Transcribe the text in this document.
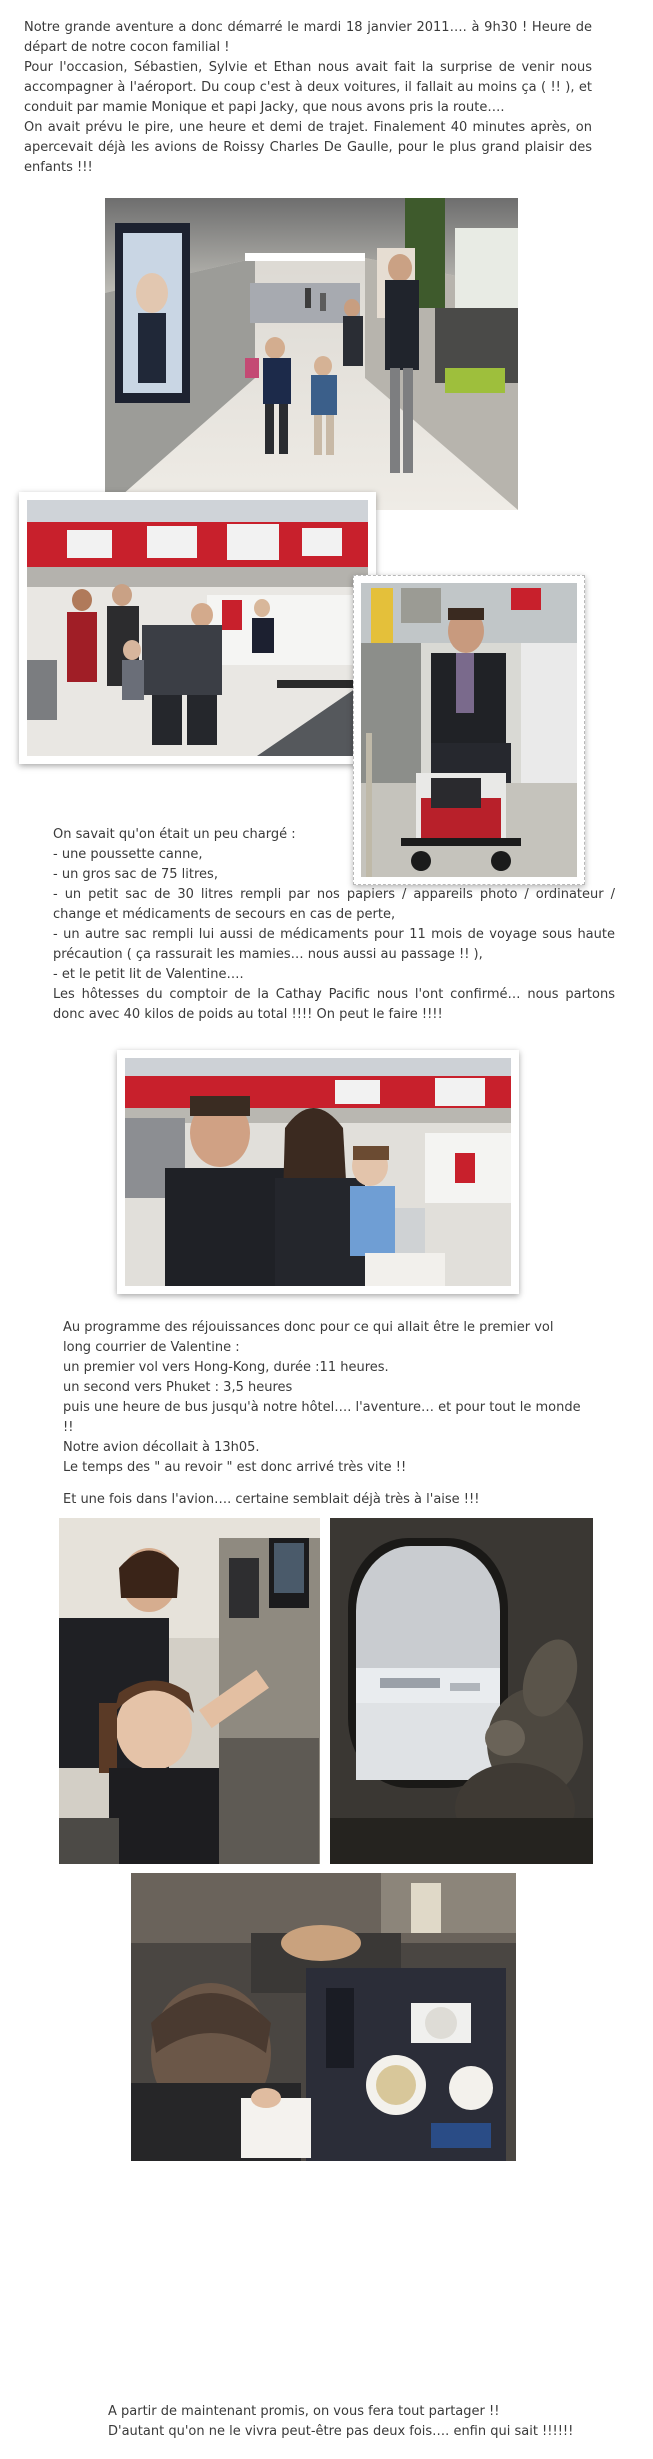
Notre grande aventure a donc démarré le mardi 18 janvier 2011…. à 9h30 ! Heure de départ de notre cocon familial !

Pour l'occasion, Sébastien, Sylvie et Ethan nous avait fait la surprise de venir nous accompagner à l'aéroport. Du coup c'est à deux voitures, il fallait au moins ça ( !! ), et conduit par mamie Monique et papi Jacky, que nous avons pris la route….

On avait prévu le pire, une heure et demi de trajet. Finalement 40 minutes après, on apercevait déjà les avions de Roissy Charles De Gaulle, pour le plus grand plaisir des enfants !!!

On savait qu'on était un peu chargé :

- une poussette canne,

- un gros sac de 75 litres,

- un petit sac de 30 litres rempli par nos papiers / appareils photo / ordinateur / change et médicaments de secours en cas de perte,

- un autre sac rempli lui aussi de médicaments pour 11 mois de voyage sous haute précaution ( ça rassurait les mamies… nous aussi au passage !! ),

- et le petit lit de Valentine….

Les hôtesses du comptoir de la Cathay Pacific nous l'ont confirmé… nous partons donc avec 40 kilos de poids au total !!!! On peut le faire !!!!

Au programme des réjouissances donc pour ce qui allait être le premier vol long courrier de Valentine :

un premier vol vers Hong-Kong, durée :11 heures.

un second vers Phuket : 3,5 heures

puis une heure de bus jusqu'à notre hôtel…. l'aventure… et pour tout le monde !!

Notre avion décollait à 13h05.

Le temps des " au revoir " est donc arrivé très vite !!

Et une fois dans l'avion…. certaine semblait déjà très à l'aise !!!

A partir de maintenant promis, on vous fera tout partager !!

D'autant qu'on ne le vivra peut-être pas deux fois…. enfin qui sait !!!!!!
